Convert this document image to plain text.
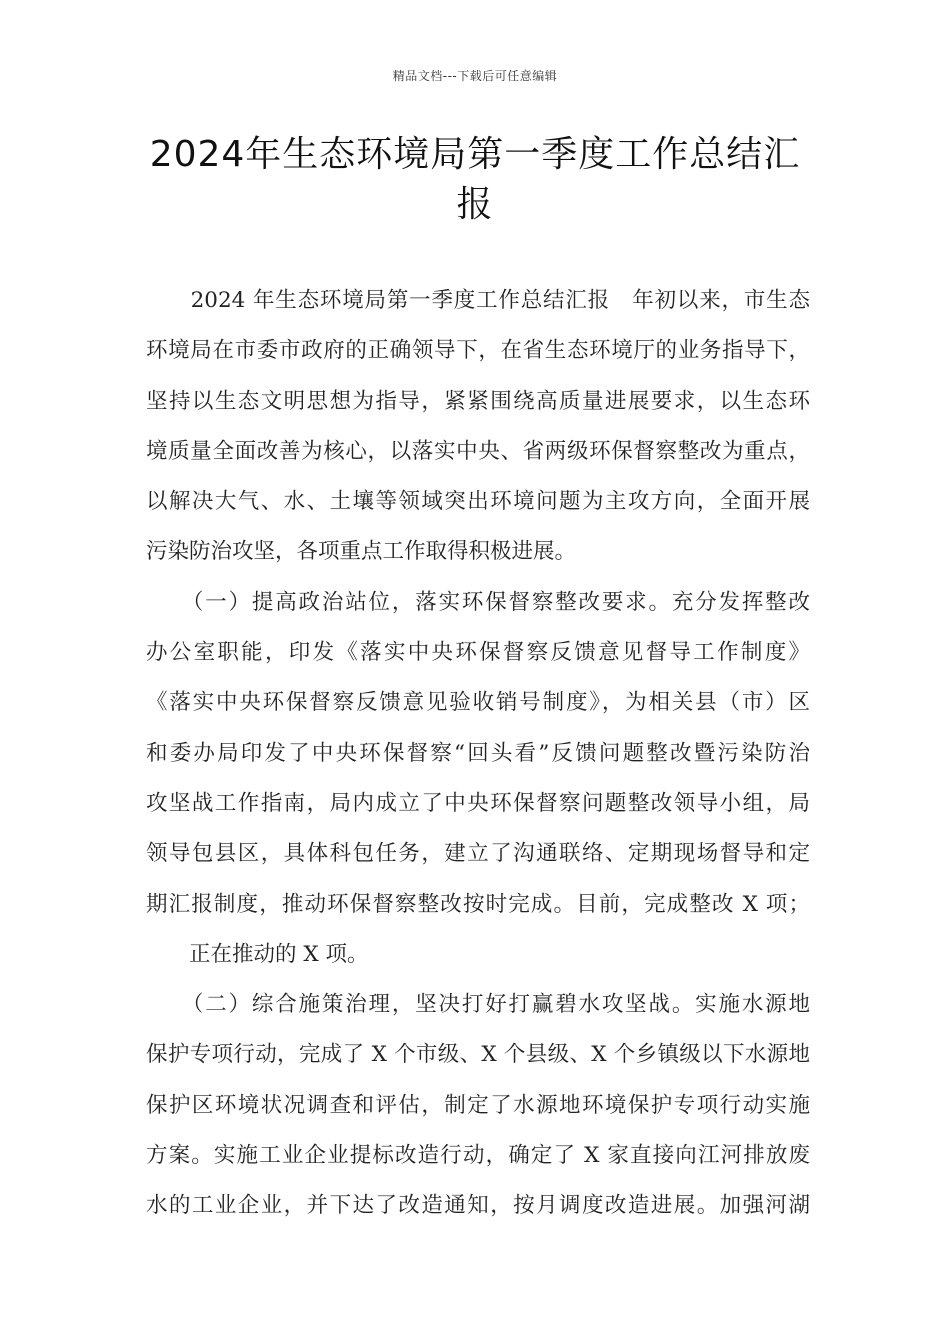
精品文档---下载后可任意编辑
2024年生态环境局第一季度工作总结汇
报
　　2024 年生态环境局第一季度工作总结汇报　年初以来，市生态
环境局在市委市政府的正确领导下，在省生态环境厅的业务指导下，
坚持以生态文明思想为指导，紧紧围绕高质量进展要求，以生态环
境质量全面改善为核心，以落实中央、省两级环保督察整改为重点，
以解决大气、水、土壤等领域突出环境问题为主攻方向，全面开展
污染防治攻坚，各项重点工作取得积极进展。
　　（一）提高政治站位，落实环保督察整改要求。充分发挥整改
办公室职能，印发《落实中央环保督察反馈意见督导工作制度》
《落实中央环保督察反馈意见验收销号制度》，为相关县（市）区
和委办局印发了中央环保督察“回头看”反馈问题整改暨污染防治
攻坚战工作指南，局内成立了中央环保督察问题整改领导小组，局
领导包县区，具体科包任务，建立了沟通联络、定期现场督导和定
期汇报制度，推动环保督察整改按时完成。目前，完成整改 X 项；
　　正在推动的 X 项。
　　（二）综合施策治理，坚决打好打赢碧水攻坚战。实施水源地
保护专项行动，完成了 X 个市级、X 个县级、X 个乡镇级以下水源地
保护区环境状况调查和评估，制定了水源地环境保护专项行动实施
方案。实施工业企业提标改造行动，确定了 X 家直接向江河排放废
水的工业企业，并下达了改造通知，按月调度改造进展。加强河湖
